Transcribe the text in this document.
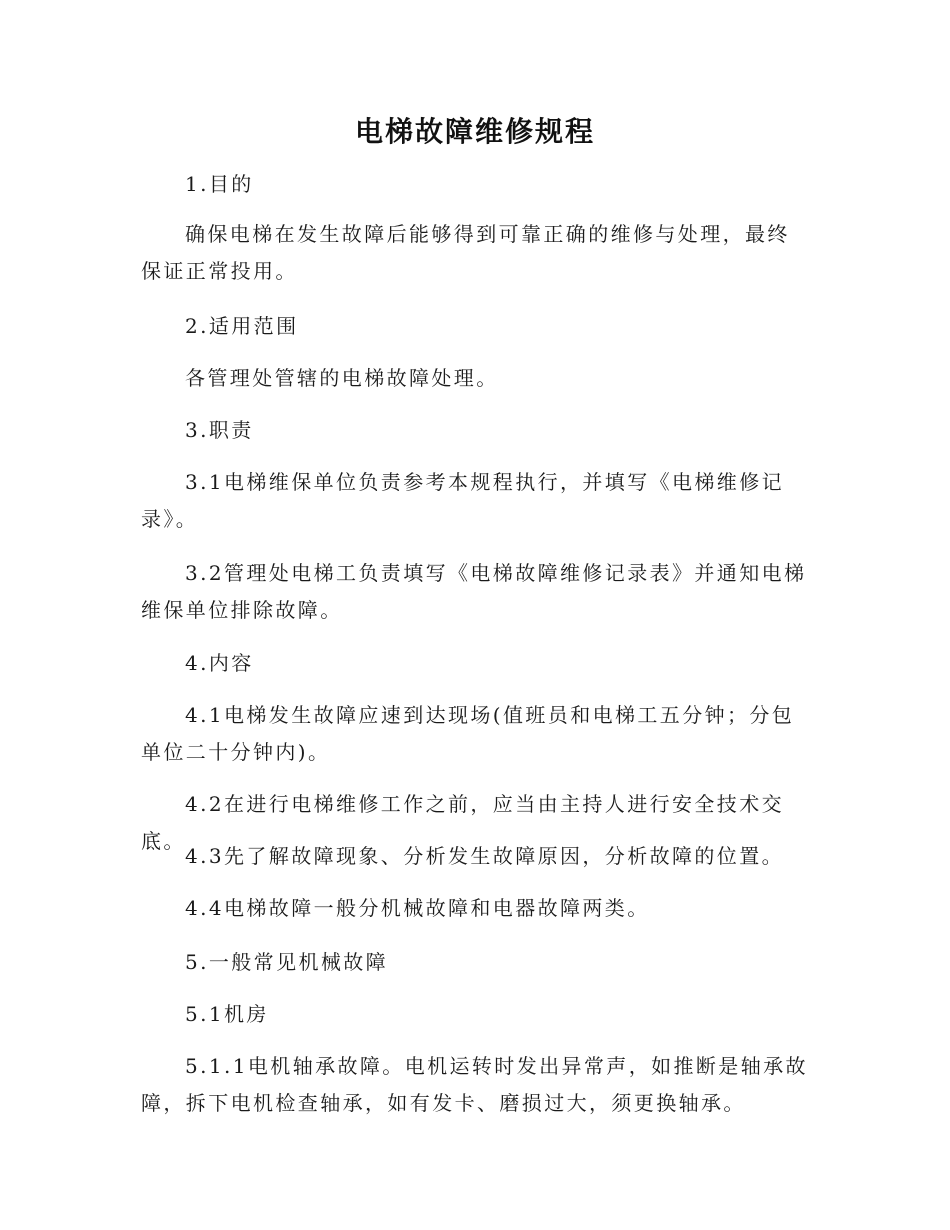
电梯故障维修规程

1.目的

确保电梯在发生故障后能够得到可靠正确的维修与处理，最终保证正常投用。

2.适用范围

各管理处管辖的电梯故障处理。

3.职责

3.1电梯维保单位负责参考本规程执行，并填写《电梯维修记录》。

3.2管理处电梯工负责填写《电梯故障维修记录表》并通知电梯维保单位排除故障。

4.内容

4.1电梯发生故障应速到达现场(值班员和电梯工五分钟；分包单位二十分钟内)。

4.2在进行电梯维修工作之前，应当由主持人进行安全技术交底。

4.3先了解故障现象、分析发生故障原因，分析故障的位置。

4.4电梯故障一般分机械故障和电器故障两类。

5.一般常见机械故障

5.1机房

5.1.1电机轴承故障。电机运转时发出异常声，如推断是轴承故障，拆下电机检查轴承，如有发卡、磨损过大，须更换轴承。
